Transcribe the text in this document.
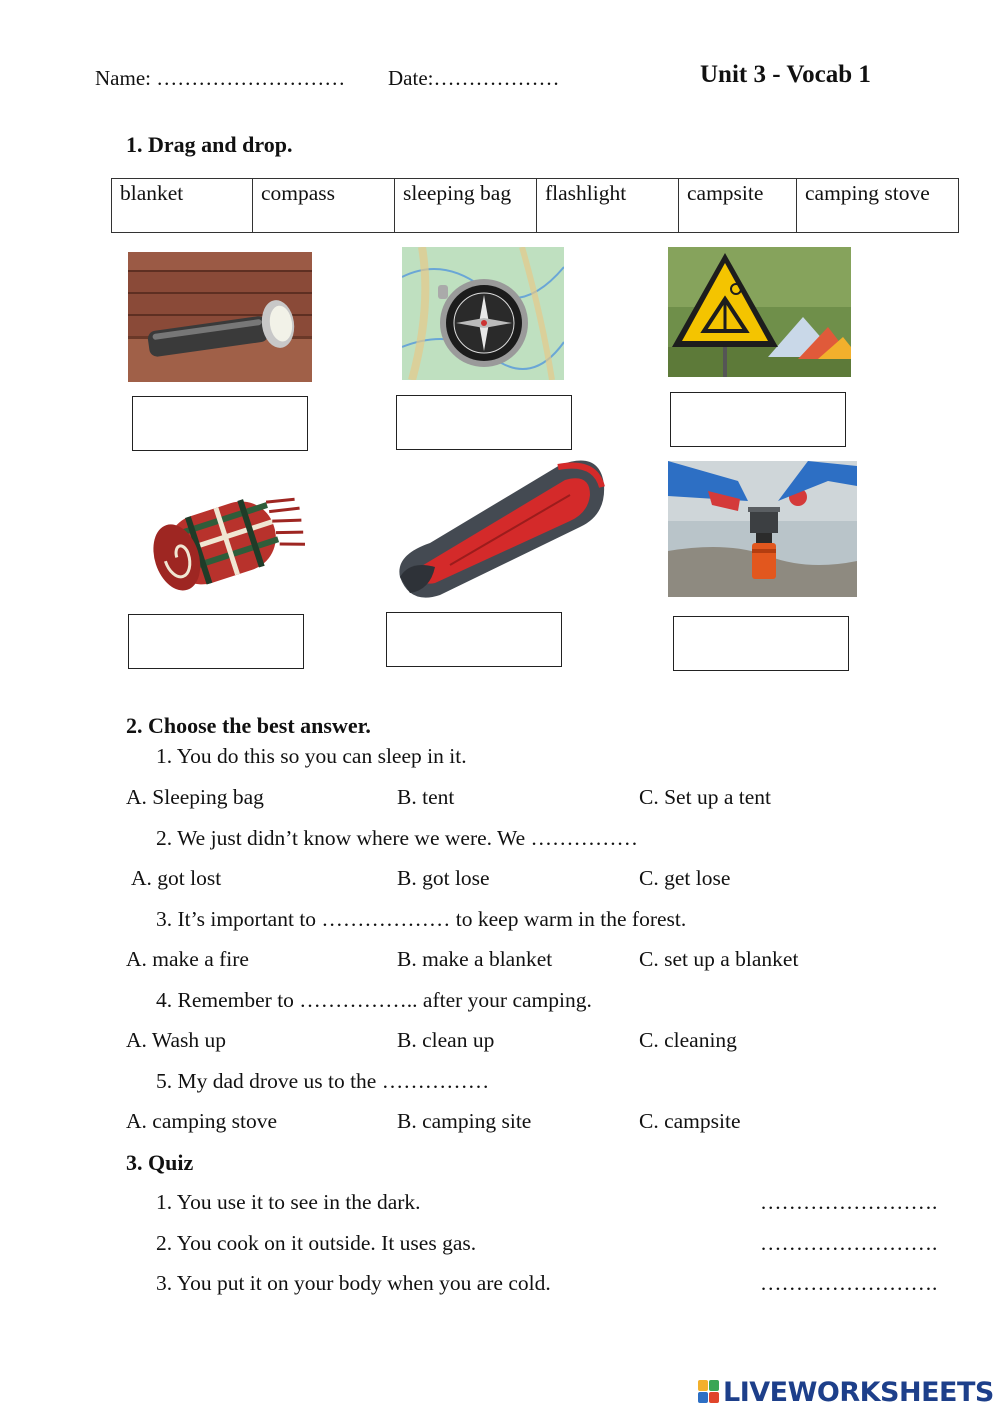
Name: ……………………… Date:………………	Unit 3 - Vocab 1
1. Drag and drop.
blanket	compass	sleeping bag	flashlight	campsite	camping stove
2. Choose the best answer.
1. You do this so you can sleep in it.
A. Sleeping bag	B. tent	C. Set up a tent
2. We just didn’t know where we were. We ……………
A. got lost	B. got lose	C. get lose
3. It’s important to ……………… to keep warm in the forest.
A. make a fire	B. make a blanket	C. set up a blanket
4. Remember to …………….. after your camping.
A. Wash up	B. clean up	C. cleaning
5. My dad drove us to the ……………
A. camping stove	B. camping site	C. campsite
3. Quiz
1. You use it to see in the dark.	…………………….
2. You cook on it outside. It uses gas.	…………………….
3. You put it on your body when you are cold.	…………………….
LIVEWORKSHEETS
